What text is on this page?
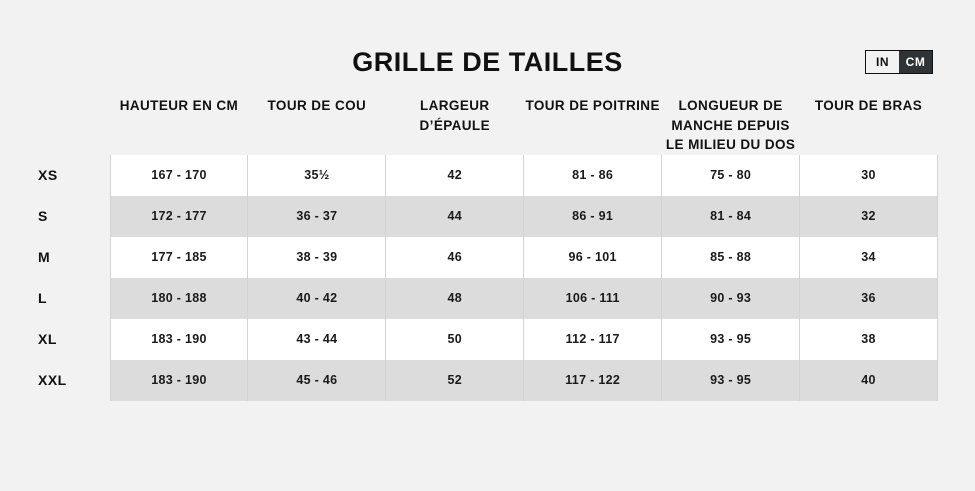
GRILLE DE TAILLES	IN	CM
	HAUTEUR EN CM	TOUR DE COU	LARGEUR D’ÉPAULE	TOUR DE POITRINE	LONGUEUR DE MANCHE DEPUIS LE MILIEU DU DOS	TOUR DE BRAS
XS	167 - 170	35½	42	81 - 86	75 - 80	30
S	172 - 177	36 - 37	44	86 - 91	81 - 84	32
M	177 - 185	38 - 39	46	96 - 101	85 - 88	34
L	180 - 188	40 - 42	48	106 - 111	90 - 93	36
XL	183 - 190	43 - 44	50	112 - 117	93 - 95	38
XXL	183 - 190	45 - 46	52	117 - 122	93 - 95	40
